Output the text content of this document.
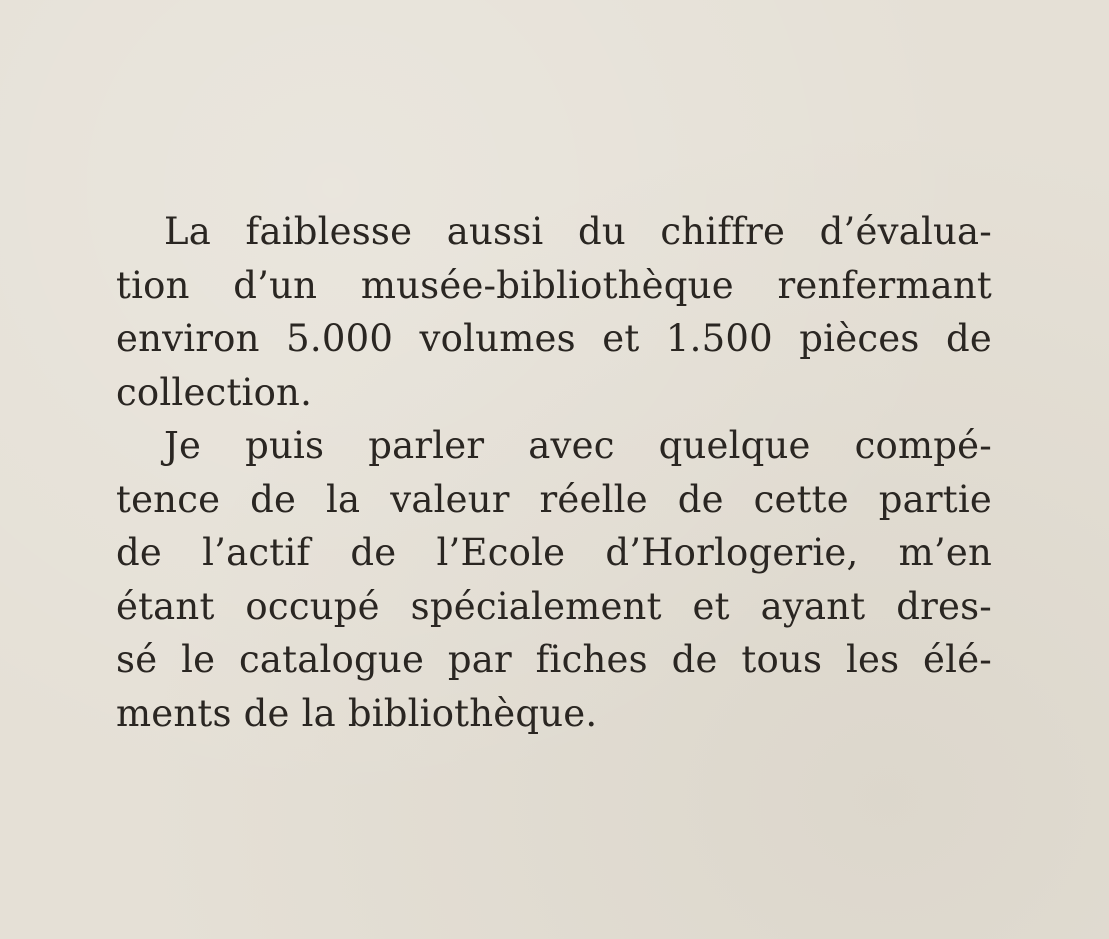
La faiblesse aussi du chiffre d’évalua-
tion d’un musée-bibliothèque renfermant
environ 5.000 volumes et 1.500 pièces de
collection.
Je puis parler avec quelque compé-
tence de la valeur réelle de cette partie
de l’actif de l’Ecole d’Horlogerie, m’en
étant occupé spécialement et ayant dres-
sé le catalogue par fiches de tous les élé-
ments de la bibliothèque.
